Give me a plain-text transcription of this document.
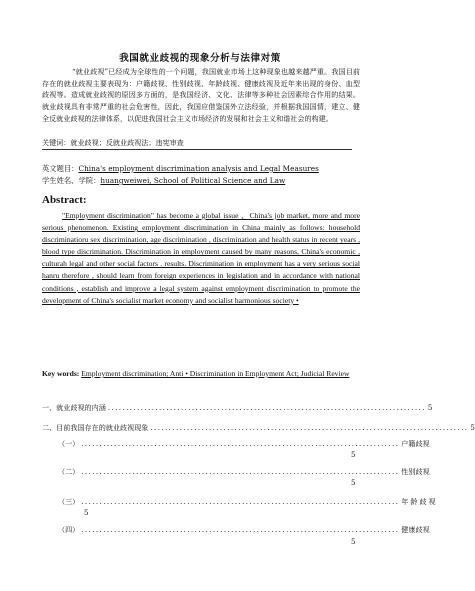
我国就业歧视的现象分析与法律对策
“就业歧视”已经成为全球性的一个问题，我国就业市场上这种现象也越来越严重。我国目前存在的就业歧视主要表现为：户籍歧视、性别歧视、年龄歧视、健康歧视及近年来出现的身份、血型歧视等。造成就业歧视的原因多方面的，是我国经济、文化、法律等多种社会因素综合作用的结果。就业歧视具有非常严重的社会危害性，因此，我国应借鉴国外立法经验，并根据我国国情，建立、健全反就业歧视的法律体系，以促进我国社会主义市场经济的发展和社会主义和谐社会的构建。
关键词：就业歧视；反就业歧视法；违宪审查
英文题目：China's employment discrimination analysis and Legal Measures
学生姓名、学院：huangweiwei, School of Political Science and Law
Abstract:

"Employment discrimination" has become a global issue 、China's job market, more and more serious phenomenon. Existing employment discrimination in China mainly as follows: household discriminatioru sex discrimination, age discrimination , discrimination and health status in recent years , blood type discrimination. Discrimination in employment caused by many reasons, China's economic , culturah legal and other social factors . results. Discrimination in employment has a very serious social hanru therefore , should learn from foreign experiences in legislation and in accordance with national conditions , establish and improve a legal system against employment discrimination to promote the development of China's socialist market economy and socialist harmonious society •

Key words: Employment discrimination; Anti • Discrimination in Employment Act; Judicial Review
一、就业歧视的内涵 ....................................................................................... 5
二、目前我国存在的就业歧视现象 ....................................................................................... 5
（一） ....................................................................................... 户籍歧视
5
（二） ....................................................................................... 性别歧视
5
（三） ....................................................................................... 年龄歧视
5
（四） ....................................................................................... 健康歧视
5
